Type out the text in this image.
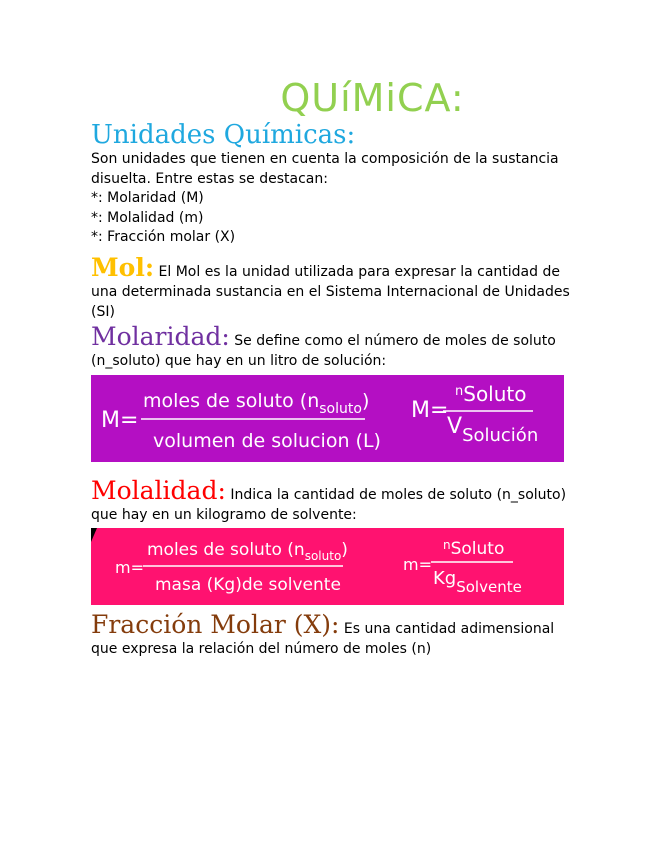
QUíMiCA:

Unidades Químicas:

Son unidades que tienen en cuenta la composición de la sustancia disuelta. Entre estas se destacan:

*: Molaridad (M)
*: Molalidad (m)
*: Fracción molar (X)

Mol: El Mol es la unidad utilizada para expresar la cantidad de una determinada sustancia en el Sistema Internacional de Unidades (SI)

Molaridad: Se define como el número de moles de soluto (n_soluto) que hay en un litro de solución:

M=
moles de soluto $(n_{soluto})$
volumen de solucion (L)
M=
$^n$Soluto
$V_{Solución}$

Molalidad: Indica la cantidad de moles de soluto (n_soluto) que hay en un kilogramo de solvente:

m=
moles de soluto $(n_{soluto})$
masa (Kg)de solvente
m=
$^n$Soluto
$Kg_{Solvente}$

Fracción Molar (X): Es una cantidad adimensional que expresa la relación del número de moles (n)
